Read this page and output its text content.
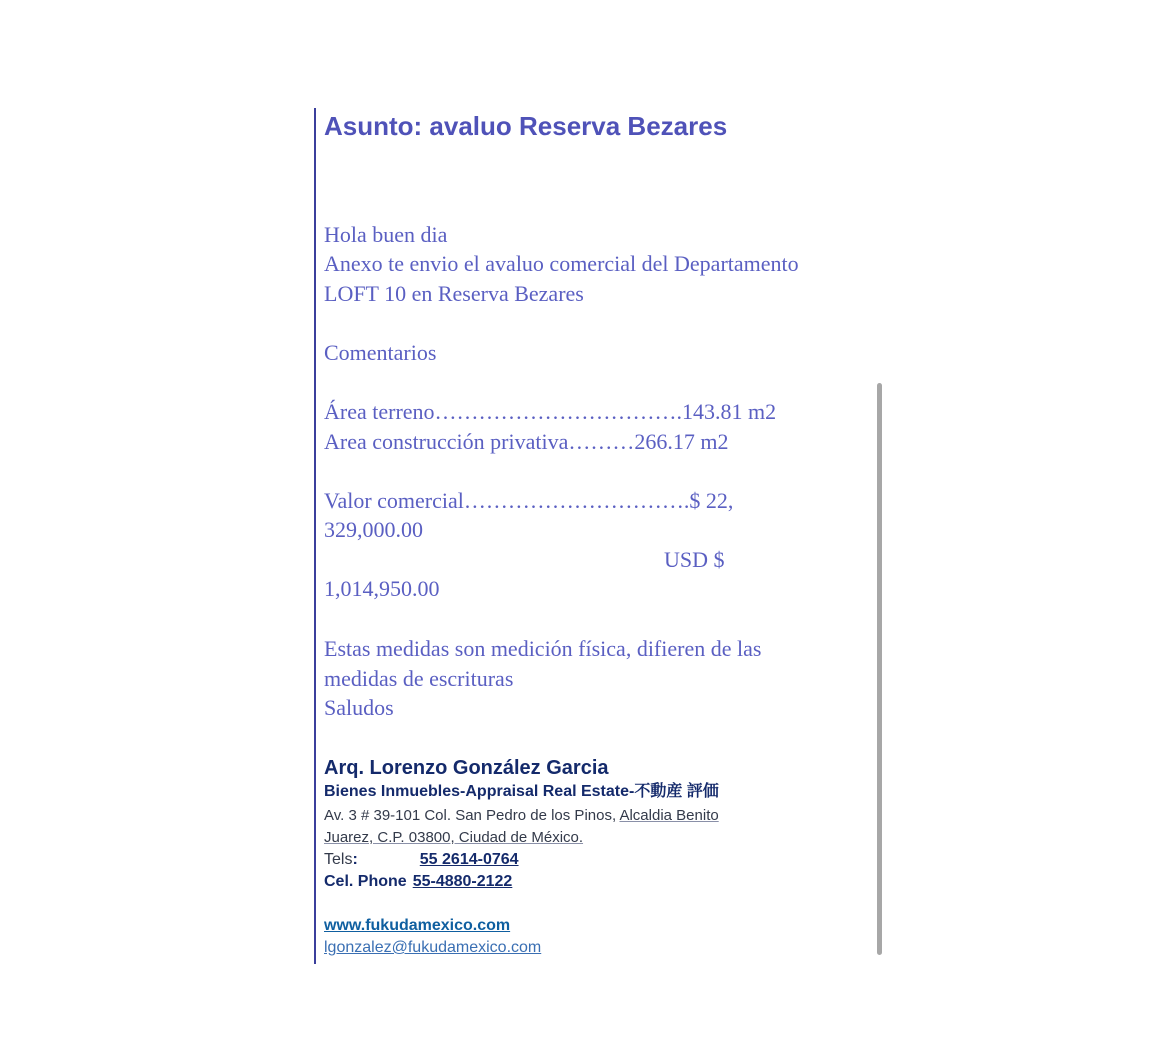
Asunto: avaluo Reserva Bezares
Hola buen dia
Anexo te envio el avaluo comercial del Departamento
LOFT 10 en Reserva Bezares
Comentarios
Área terreno…………………………….143.81 m2
Area construcción privativa………266.17 m2
Valor comercial………………………….$ 22,
329,000.00
USD $
1,014,950.00
Estas medidas son medición física, difieren de las
medidas de escrituras
Saludos
Arq. Lorenzo González Garcia
Bienes Inmuebles-Appraisal Real Estate-不動産 評価
Av. 3 # 39-101 Col. San Pedro de los Pinos, Alcaldia Benito
Juarez, C.P. 03800, Ciudad de México.
Tels:	55 2614-0764
Cel. Phone 55-4880-2122
www.fukudamexico.com
lgonzalez@fukudamexico.com
